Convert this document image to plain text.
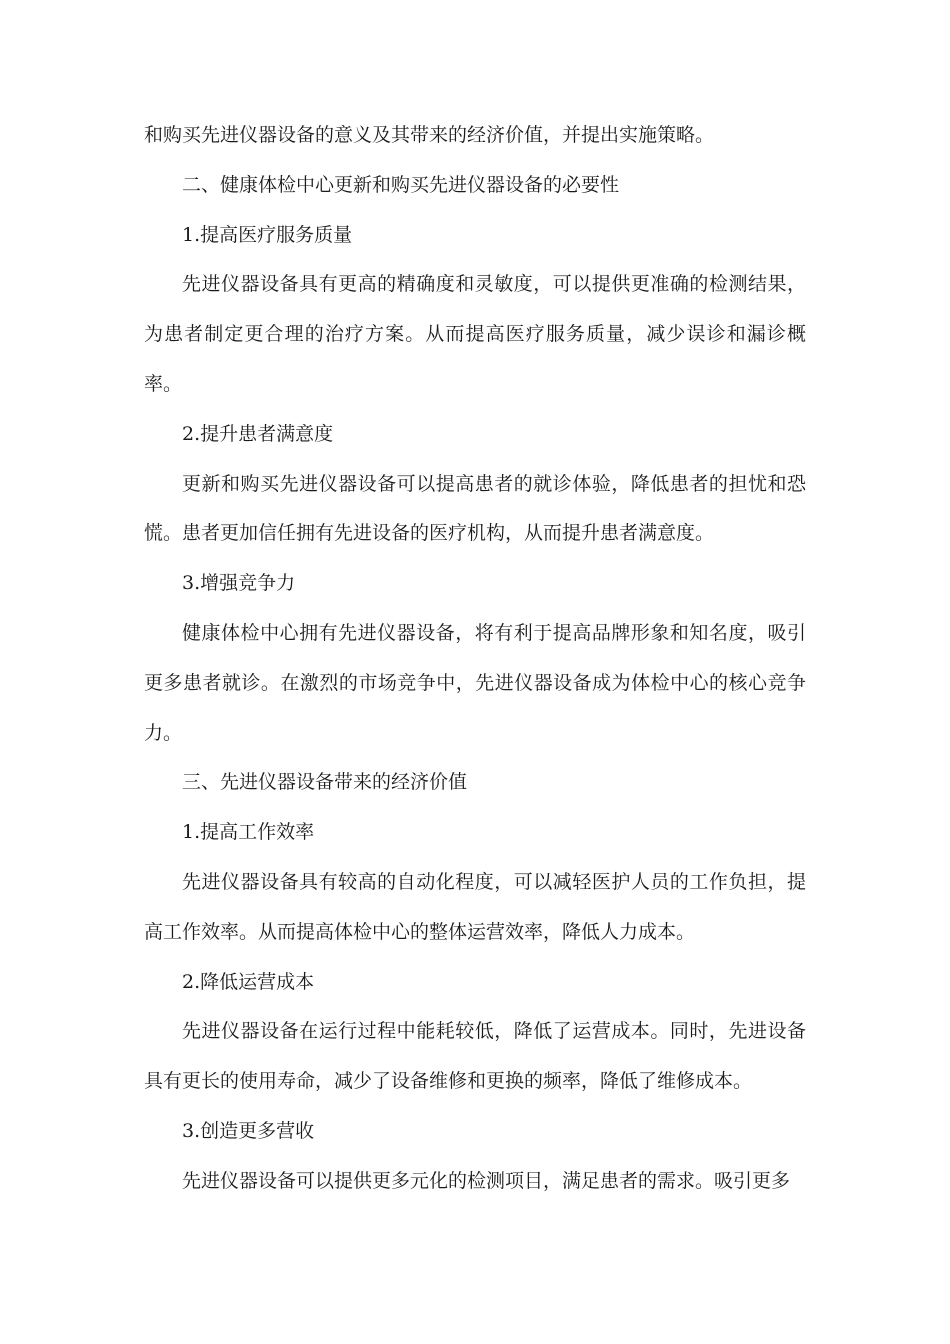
和购买先进仪器设备的意义及其带来的经济价值，并提出实施策略。

二、健康体检中心更新和购买先进仪器设备的必要性

1.提高医疗服务质量

先进仪器设备具有更高的精确度和灵敏度，可以提供更准确的检测结果，为患者制定更合理的治疗方案。从而提高医疗服务质量，减少误诊和漏诊概率。

2.提升患者满意度

更新和购买先进仪器设备可以提高患者的就诊体验，降低患者的担忧和恐慌。患者更加信任拥有先进设备的医疗机构，从而提升患者满意度。

3.增强竞争力

健康体检中心拥有先进仪器设备，将有利于提高品牌形象和知名度，吸引更多患者就诊。在激烈的市场竞争中，先进仪器设备成为体检中心的核心竞争力。

三、先进仪器设备带来的经济价值

1.提高工作效率

先进仪器设备具有较高的自动化程度，可以减轻医护人员的工作负担，提高工作效率。从而提高体检中心的整体运营效率，降低人力成本。

2.降低运营成本

先进仪器设备在运行过程中能耗较低，降低了运营成本。同时，先进设备具有更长的使用寿命，减少了设备维修和更换的频率，降低了维修成本。

3.创造更多营收

先进仪器设备可以提供更多元化的检测项目，满足患者的需求。吸引更多
